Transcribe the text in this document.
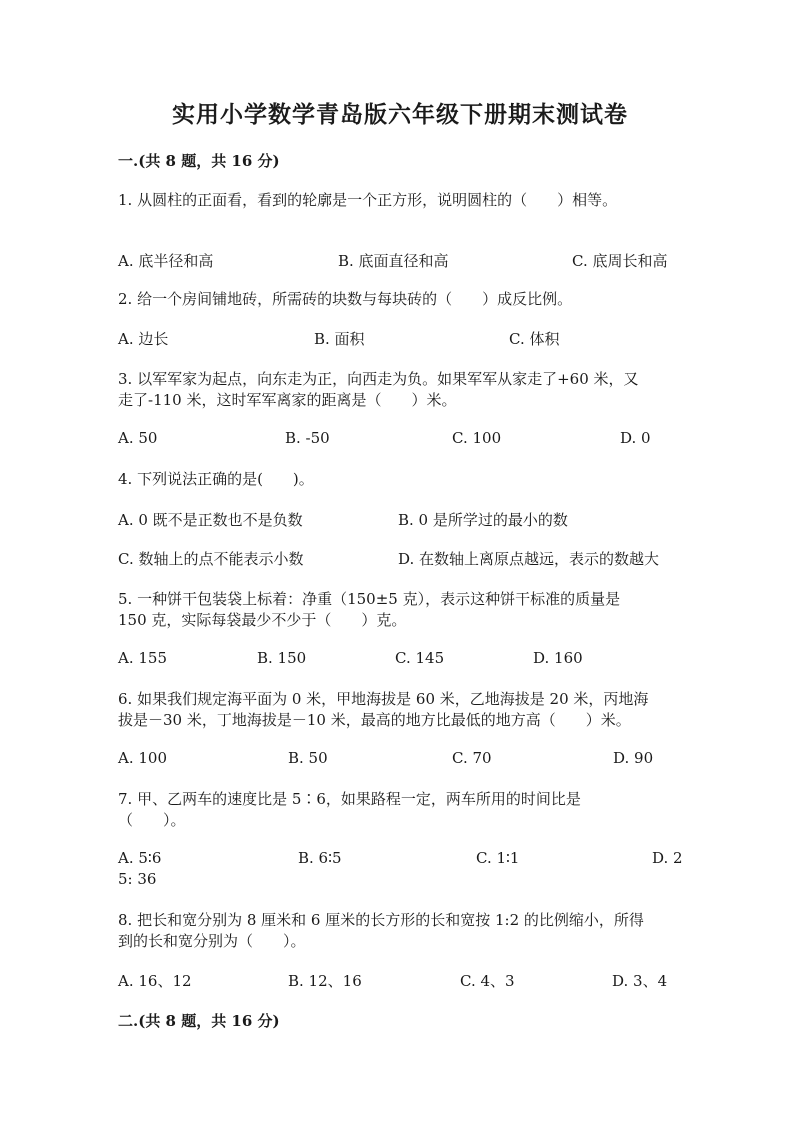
实用小学数学青岛版六年级下册期末测试卷
一.(共 8 题，共 16 分)
1. 从圆柱的正面看，看到的轮廓是一个正方形，说明圆柱的（　　）相等。
A. 底半径和高	B. 底面直径和高	C. 底周长和高
2. 给一个房间铺地砖，所需砖的块数与每块砖的（　　）成反比例。
A. 边长	B. 面积	C. 体积
3. 以军军家为起点，向东走为正，向西走为负。如果军军从家走了+60 米，又
走了-110 米，这时军军离家的距离是（　　）米。
A. 50	B. -50	C. 100	D. 0
4. 下列说法正确的是(　　)。
A. 0 既不是正数也不是负数	B. 0 是所学过的最小的数
C. 数轴上的点不能表示小数	D. 在数轴上离原点越远，表示的数越大
5. 一种饼干包装袋上标着：净重（150±5 克），表示这种饼干标准的质量是
150 克，实际每袋最少不少于（　　）克。
A. 155	B. 150	C. 145	D. 160
6. 如果我们规定海平面为 0 米，甲地海拔是 60 米，乙地海拔是 20 米，丙地海
拔是－30 米，丁地海拔是－10 米，最高的地方比最低的地方高（　　）米。
A. 100	B. 50	C. 70	D. 90
7. 甲、乙两车的速度比是 5∶6，如果路程一定，两车所用的时间比是
（　　）。
A. 5∶6	B. 6∶5	C. 1∶1	D. 2
5: 36
8. 把长和宽分别为 8 厘米和 6 厘米的长方形的长和宽按 1:2 的比例缩小，所得
到的长和宽分别为（　　）。
A. 16、12	B. 12、16	C. 4、3	D. 3、4
二.(共 8 题，共 16 分)
